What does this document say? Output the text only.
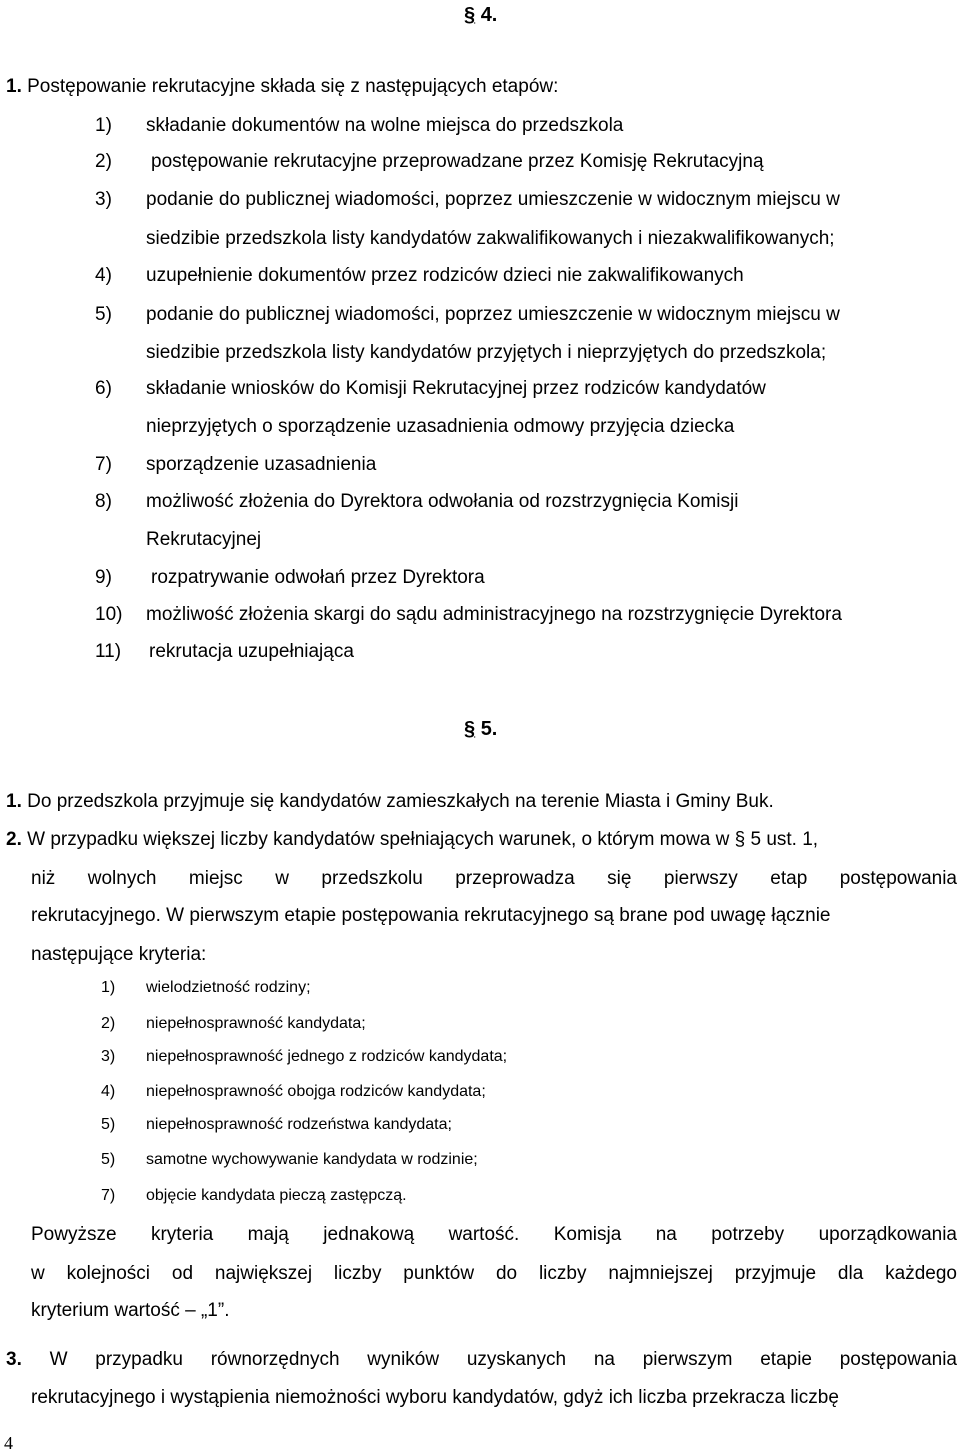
§ 4.
1. Postępowanie rekrutacyjne składa się z następujących etapów:
1) składanie dokumentów na wolne miejsca do przedszkola
2) postępowanie rekrutacyjne przeprowadzane przez Komisję Rekrutacyjną
3) podanie do publicznej wiadomości, poprzez umieszczenie w widocznym miejscu w
siedzibie przedszkola listy kandydatów zakwalifikowanych i niezakwalifikowanych;
4) uzupełnienie dokumentów przez rodziców dzieci nie zakwalifikowanych
5) podanie do publicznej wiadomości, poprzez umieszczenie w widocznym miejscu w
siedzibie przedszkola listy kandydatów przyjętych i nieprzyjętych do przedszkola;
6) składanie wniosków do Komisji Rekrutacyjnej przez rodziców kandydatów
nieprzyjętych o sporządzenie uzasadnienia odmowy przyjęcia dziecka
7) sporządzenie uzasadnienia
8) możliwość złożenia do Dyrektora odwołania od rozstrzygnięcia Komisji
Rekrutacyjnej
9) rozpatrywanie odwołań przez Dyrektora
10) możliwość złożenia skargi do sądu administracyjnego na rozstrzygnięcie Dyrektora
11) rekrutacja uzupełniająca
§ 5.
1. Do przedszkola przyjmuje się kandydatów zamieszkałych na terenie Miasta i Gminy Buk.
2. W przypadku większej liczby kandydatów spełniających warunek, o którym mowa w § 5 ust. 1,
niż wolnych miejsc w przedszkolu przeprowadza się pierwszy etap postępowania
rekrutacyjnego. W pierwszym etapie postępowania rekrutacyjnego są brane pod uwagę łącznie
następujące kryteria:
1) wielodzietność rodziny;
2) niepełnosprawność kandydata;
3) niepełnosprawność jednego z rodziców kandydata;
4) niepełnosprawność obojga rodziców kandydata;
5) niepełnosprawność rodzeństwa kandydata;
5) samotne wychowywanie kandydata w rodzinie;
7) objęcie kandydata pieczą zastępczą.
Powyższe kryteria mają jednakową wartość. Komisja na potrzeby uporządkowania
w kolejności od największej liczby punktów do liczby najmniejszej przyjmuje dla każdego
kryterium wartość – „1”.
3. W przypadku równorzędnych wyników uzyskanych na pierwszym etapie postępowania
rekrutacyjnego i wystąpienia niemożności wyboru kandydatów, gdyż ich liczba przekracza liczbę
4
